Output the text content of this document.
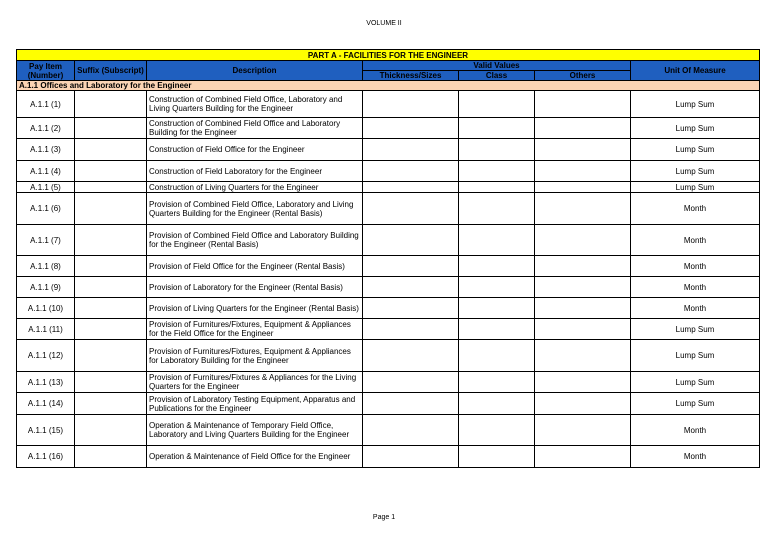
VOLUME II
PART A - FACILITIES FOR THE ENGINEER						
Pay Item (Number)	Suffix (Subscript)	Description	Valid Values			Unit Of Measure
			Thickness/Sizes	Class	Others	
A.1.1 Offices and Laboratory for the Engineer						
A.1.1 (1)		Construction of Combined Field Office, Laboratory and Living Quarters Building for the Engineer				Lump Sum
A.1.1 (2)		Construction of Combined Field Office and Laboratory Building for the Engineer				Lump Sum
A.1.1 (3)		Construction of Field Office for the Engineer				Lump Sum
A.1.1 (4)		Construction of Field Laboratory for the Engineer				Lump Sum
A.1.1 (5)		Construction of Living Quarters for the Engineer				Lump Sum
A.1.1 (6)		Provision of Combined Field Office, Laboratory and Living Quarters Building for the Engineer (Rental Basis)				Month
A.1.1 (7)		Provision of Combined Field Office and Laboratory Building for the Engineer (Rental Basis)				Month
A.1.1 (8)		Provision of Field Office for the Engineer (Rental Basis)				Month
A.1.1 (9)		Provision of Laboratory for the Engineer (Rental Basis)				Month
A.1.1 (10)		Provision of Living Quarters for the Engineer (Rental Basis)				Month
A.1.1 (11)		Provision of Furnitures/Fixtures, Equipment & Appliances for the Field Office for the Engineer				Lump Sum
A.1.1 (12)		Provision of Furnitures/Fixtures, Equipment & Appliances for Laboratory Building for the Engineer				Lump Sum
A.1.1 (13)		Provision of Furnitures/Fixtures & Appliances for the Living Quarters for the Engineer				Lump Sum
A.1.1 (14)		Provision of Laboratory Testing Equipment, Apparatus and Publications for the Engineer				Lump Sum
A.1.1 (15)		Operation & Maintenance of Temporary Field Office, Laboratory and Living Quarters Building for the Engineer				Month
A.1.1 (16)		Operation & Maintenance of Field Office for the Engineer				Month
Page 1
